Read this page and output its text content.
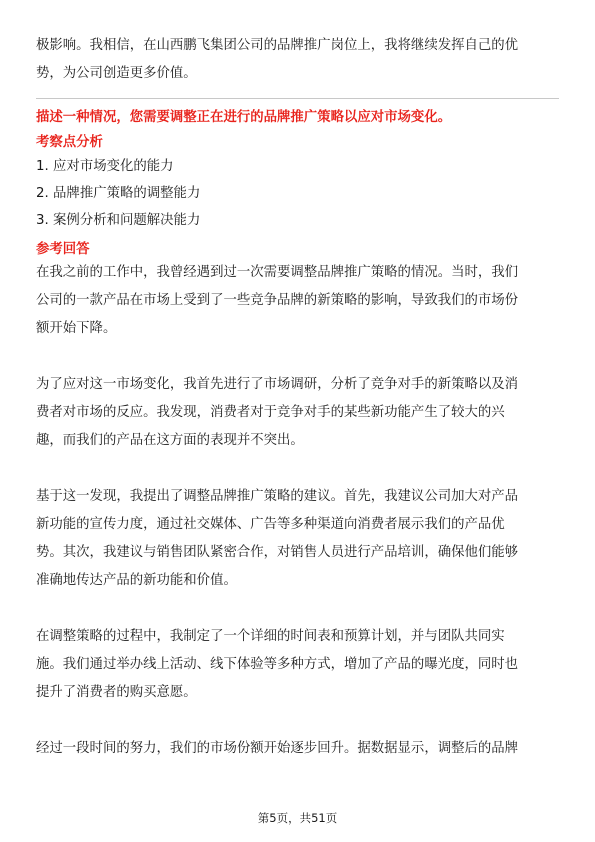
极影响。我相信，在山西鹏飞集团公司的品牌推广岗位上，我将继续发挥自己的优

势，为公司创造更多价值。

描述一种情况，您需要调整正在进行的品牌推广策略以应对市场变化。

考察点分析

1. 应对市场变化的能力

2. 品牌推广策略的调整能力

3. 案例分析和问题解决能力

参考回答

在我之前的工作中，我曾经遇到过一次需要调整品牌推广策略的情况。当时，我们

公司的一款产品在市场上受到了一些竞争品牌的新策略的影响，导致我们的市场份

额开始下降。

为了应对这一市场变化，我首先进行了市场调研，分析了竞争对手的新策略以及消

费者对市场的反应。我发现，消费者对于竞争对手的某些新功能产生了较大的兴

趣，而我们的产品在这方面的表现并不突出。

基于这一发现，我提出了调整品牌推广策略的建议。首先，我建议公司加大对产品

新功能的宣传力度，通过社交媒体、广告等多种渠道向消费者展示我们的产品优

势。其次，我建议与销售团队紧密合作，对销售人员进行产品培训，确保他们能够

准确地传达产品的新功能和价值。

在调整策略的过程中，我制定了一个详细的时间表和预算计划，并与团队共同实

施。我们通过举办线上活动、线下体验等多种方式，增加了产品的曝光度，同时也

提升了消费者的购买意愿。

经过一段时间的努力，我们的市场份额开始逐步回升。据数据显示，调整后的品牌

第5页，共51页
